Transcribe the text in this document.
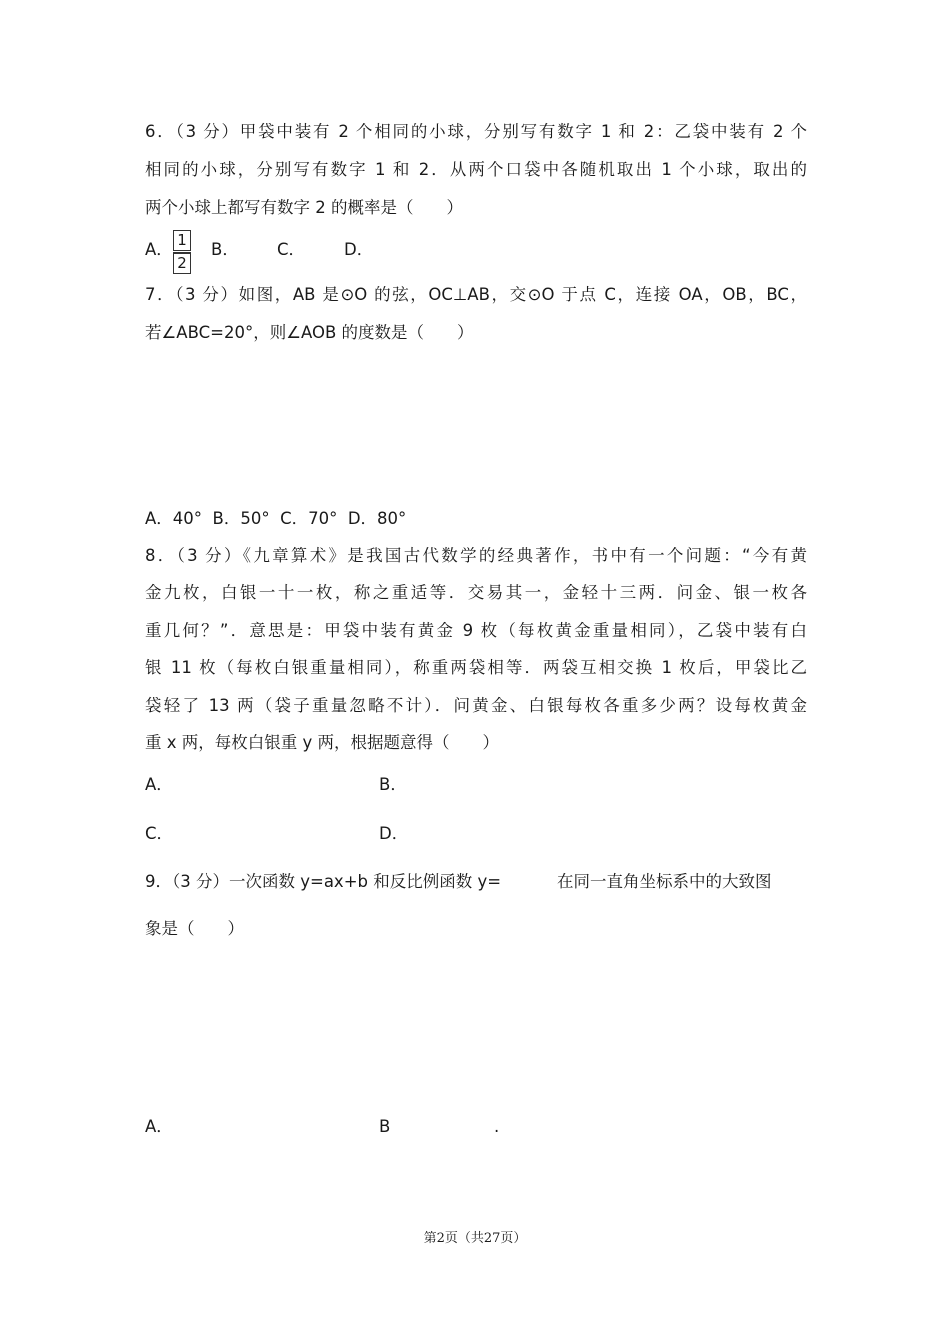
6．（3 分）甲袋中装有 2 个相同的小球，分别写有数字 1 和 2：乙袋中装有 2 个
相同的小球，分别写有数字 1 和 2．从两个口袋中各随机取出 1 个小球，取出的
两个小球上都写有数字 2 的概率是（　　）
A． $\frac{1}{2}$ B． C． D．
7．（3 分）如图，AB 是⊙O 的弦，OC⊥AB，交⊙O 于点 C，连接 OA，OB，BC，
若∠ABC=20°，则∠AOB 的度数是（　　）
A．40°  B．50°  C．70°  D．80°
8．（3 分）《九章算术》是我国古代数学的经典著作，书中有一个问题：“今有黄
金九枚，白银一十一枚，称之重适等．交易其一，金轻十三两．问金、银一枚各
重几何？”．意思是：甲袋中装有黄金 9 枚（每枚黄金重量相同），乙袋中装有白
银 11 枚（每枚白银重量相同），称重两袋相等．两袋互相交换 1 枚后，甲袋比乙
袋轻了 13 两（袋子重量忽略不计）．问黄金、白银每枚各重多少两？设每枚黄金
重 x 两，每枚白银重 y 两，根据题意得（　　）
A．	B．
C．	D．
9．（3 分）一次函数 y=ax+b 和反比例函数 y=	在同一直角坐标系中的大致图
象是（　　）
A．	B	.
第2页（共27页）
